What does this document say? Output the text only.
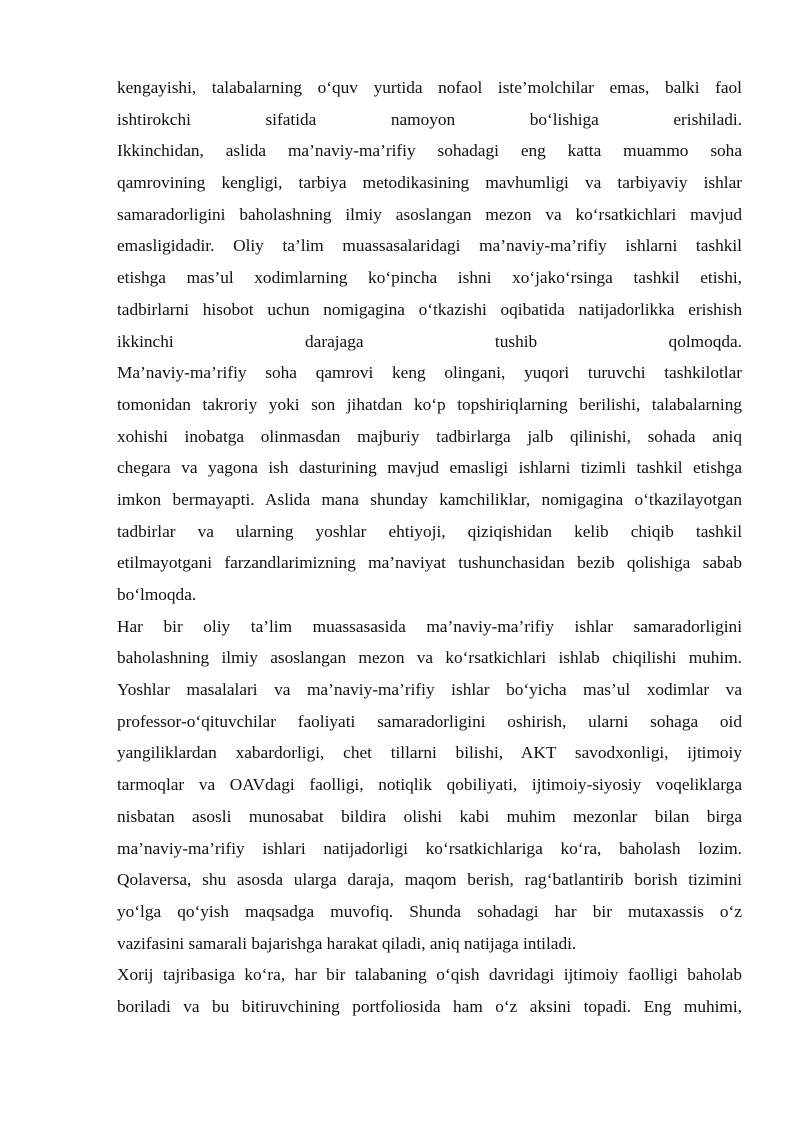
kengayishi, talabalarning o‘quv yurtida nofaol iste’molchilar emas, balki faol
ishtirokchi sifatida namoyon bo‘lishiga erishiladi.
Ikkinchidan, aslida ma’naviy-ma’rifiy sohadagi eng katta muammo soha
qamrovining kengligi, tarbiya metodikasining mavhumligi va tarbiyaviy ishlar
samaradorligini baholashning ilmiy asoslangan mezon va ko‘rsatkichlari mavjud
emasligidadir. Oliy ta’lim muassasalaridagi ma’naviy-ma’rifiy ishlarni tashkil
etishga mas’ul xodimlarning ko‘pincha ishni xo‘jako‘rsinga tashkil etishi,
tadbirlarni hisobot uchun nomigagina o‘tkazishi oqibatida natijadorlikka erishish
ikkinchi darajaga tushib qolmoqda.
Ma’naviy-ma’rifiy soha qamrovi keng olingani, yuqori turuvchi tashkilotlar
tomonidan takroriy yoki son jihatdan ko‘p topshiriqlarning berilishi, talabalarning
xohishi inobatga olinmasdan majburiy tadbirlarga jalb qilinishi, sohada aniq
chegara va yagona ish dasturining mavjud emasligi ishlarni tizimli tashkil etishga
imkon bermayapti. Aslida mana shunday kamchiliklar, nomigagina o‘tkazilayotgan
tadbirlar va ularning yoshlar ehtiyoji, qiziqishidan kelib chiqib tashkil
etilmayotgani farzandlarimizning ma’naviyat tushunchasidan bezib qolishiga sabab
bo‘lmoqda.
Har bir oliy ta’lim muassasasida ma’naviy-ma’rifiy ishlar samaradorligini
baholashning ilmiy asoslangan mezon va ko‘rsatkichlari ishlab chiqilishi muhim.
Yoshlar masalalari va ma’naviy-ma’rifiy ishlar bo‘yicha mas’ul xodimlar va
professor-o‘qituvchilar faoliyati samaradorligini oshirish, ularni sohaga oid
yangiliklardan xabardorligi, chet tillarni bilishi, AKT savodxonligi, ijtimoiy
tarmoqlar va OAVdagi faolligi, notiqlik qobiliyati, ijtimoiy-siyosiy voqeliklarga
nisbatan asosli munosabat bildira olishi kabi muhim mezonlar bilan birga
ma’naviy-ma’rifiy ishlari natijadorligi ko‘rsatkichlariga ko‘ra, baholash lozim.
Qolaversa, shu asosda ularga daraja, maqom berish, rag‘batlantirib borish tizimini
yo‘lga qo‘yish maqsadga muvofiq. Shunda sohadagi har bir mutaxassis o‘z
vazifasini samarali bajarishga harakat qiladi, aniq natijaga intiladi.
Xorij tajribasiga ko‘ra, har bir talabaning o‘qish davridagi ijtimoiy faolligi baholab
boriladi va bu bitiruvchining portfoliosida ham o‘z aksini topadi. Eng muhimi,
